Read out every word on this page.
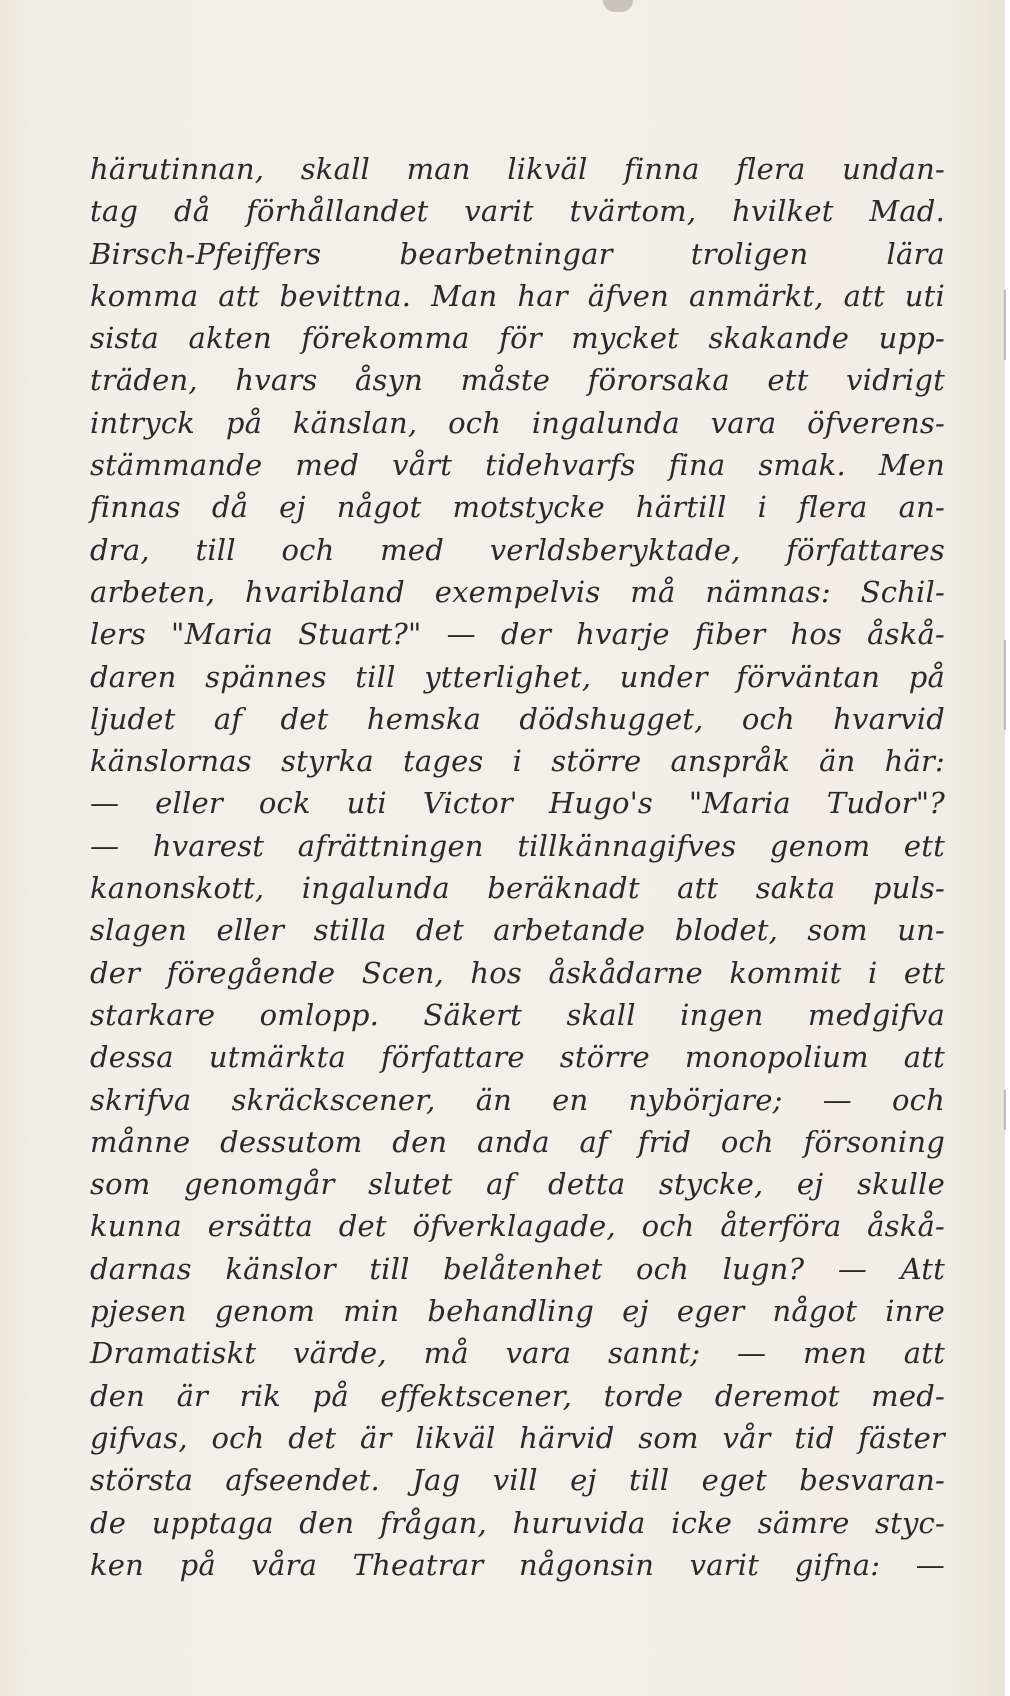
härutinnan, skall man likväl finna flera undan-
tag då förhållandet varit tvärtom, hvilket Mad.
Birsch-Pfeiffers bearbetningar troligen lära
komma att bevittna. Man har äfven anmärkt, att uti
sista akten förekomma för mycket skakande upp-
träden, hvars åsyn måste förorsaka ett vidrigt
intryck på känslan, och ingalunda vara öfverens-
stämmande med vårt tidehvarfs fina smak. Men
finnas då ej något motstycke härtill i flera an-
dra, till och med verldsberyktade, författares
arbeten, hvaribland exempelvis må nämnas: Schil-
lers "Maria Stuart?" — der hvarje fiber hos åskå-
daren spännes till ytterlighet, under förväntan på
ljudet af det hemska dödshugget, och hvarvid
känslornas styrka tages i större anspråk än här:
— eller ock uti Victor Hugo's "Maria Tudor"?
— hvarest afrättningen tillkännagifves genom ett
kanonskott, ingalunda beräknadt att sakta puls-
slagen eller stilla det arbetande blodet, som un-
der föregående Scen, hos åskådarne kommit i ett
starkare omlopp. Säkert skall ingen medgifva
dessa utmärkta författare större monopolium att
skrifva skräckscener, än en nybörjare; — och
månne dessutom den anda af frid och försoning
som genomgår slutet af detta stycke, ej skulle
kunna ersätta det öfverklagade, och återföra åskå-
darnas känslor till belåtenhet och lugn? — Att
pjesen genom min behandling ej eger något inre
Dramatiskt värde, må vara sannt; — men att
den är rik på effektscener, torde deremot med-
gifvas, och det är likväl härvid som vår tid fäster
största afseendet. Jag vill ej till eget besvaran-
de upptaga den frågan, huruvida icke sämre styc-
ken på våra Theatrar någonsin varit gifna: —
